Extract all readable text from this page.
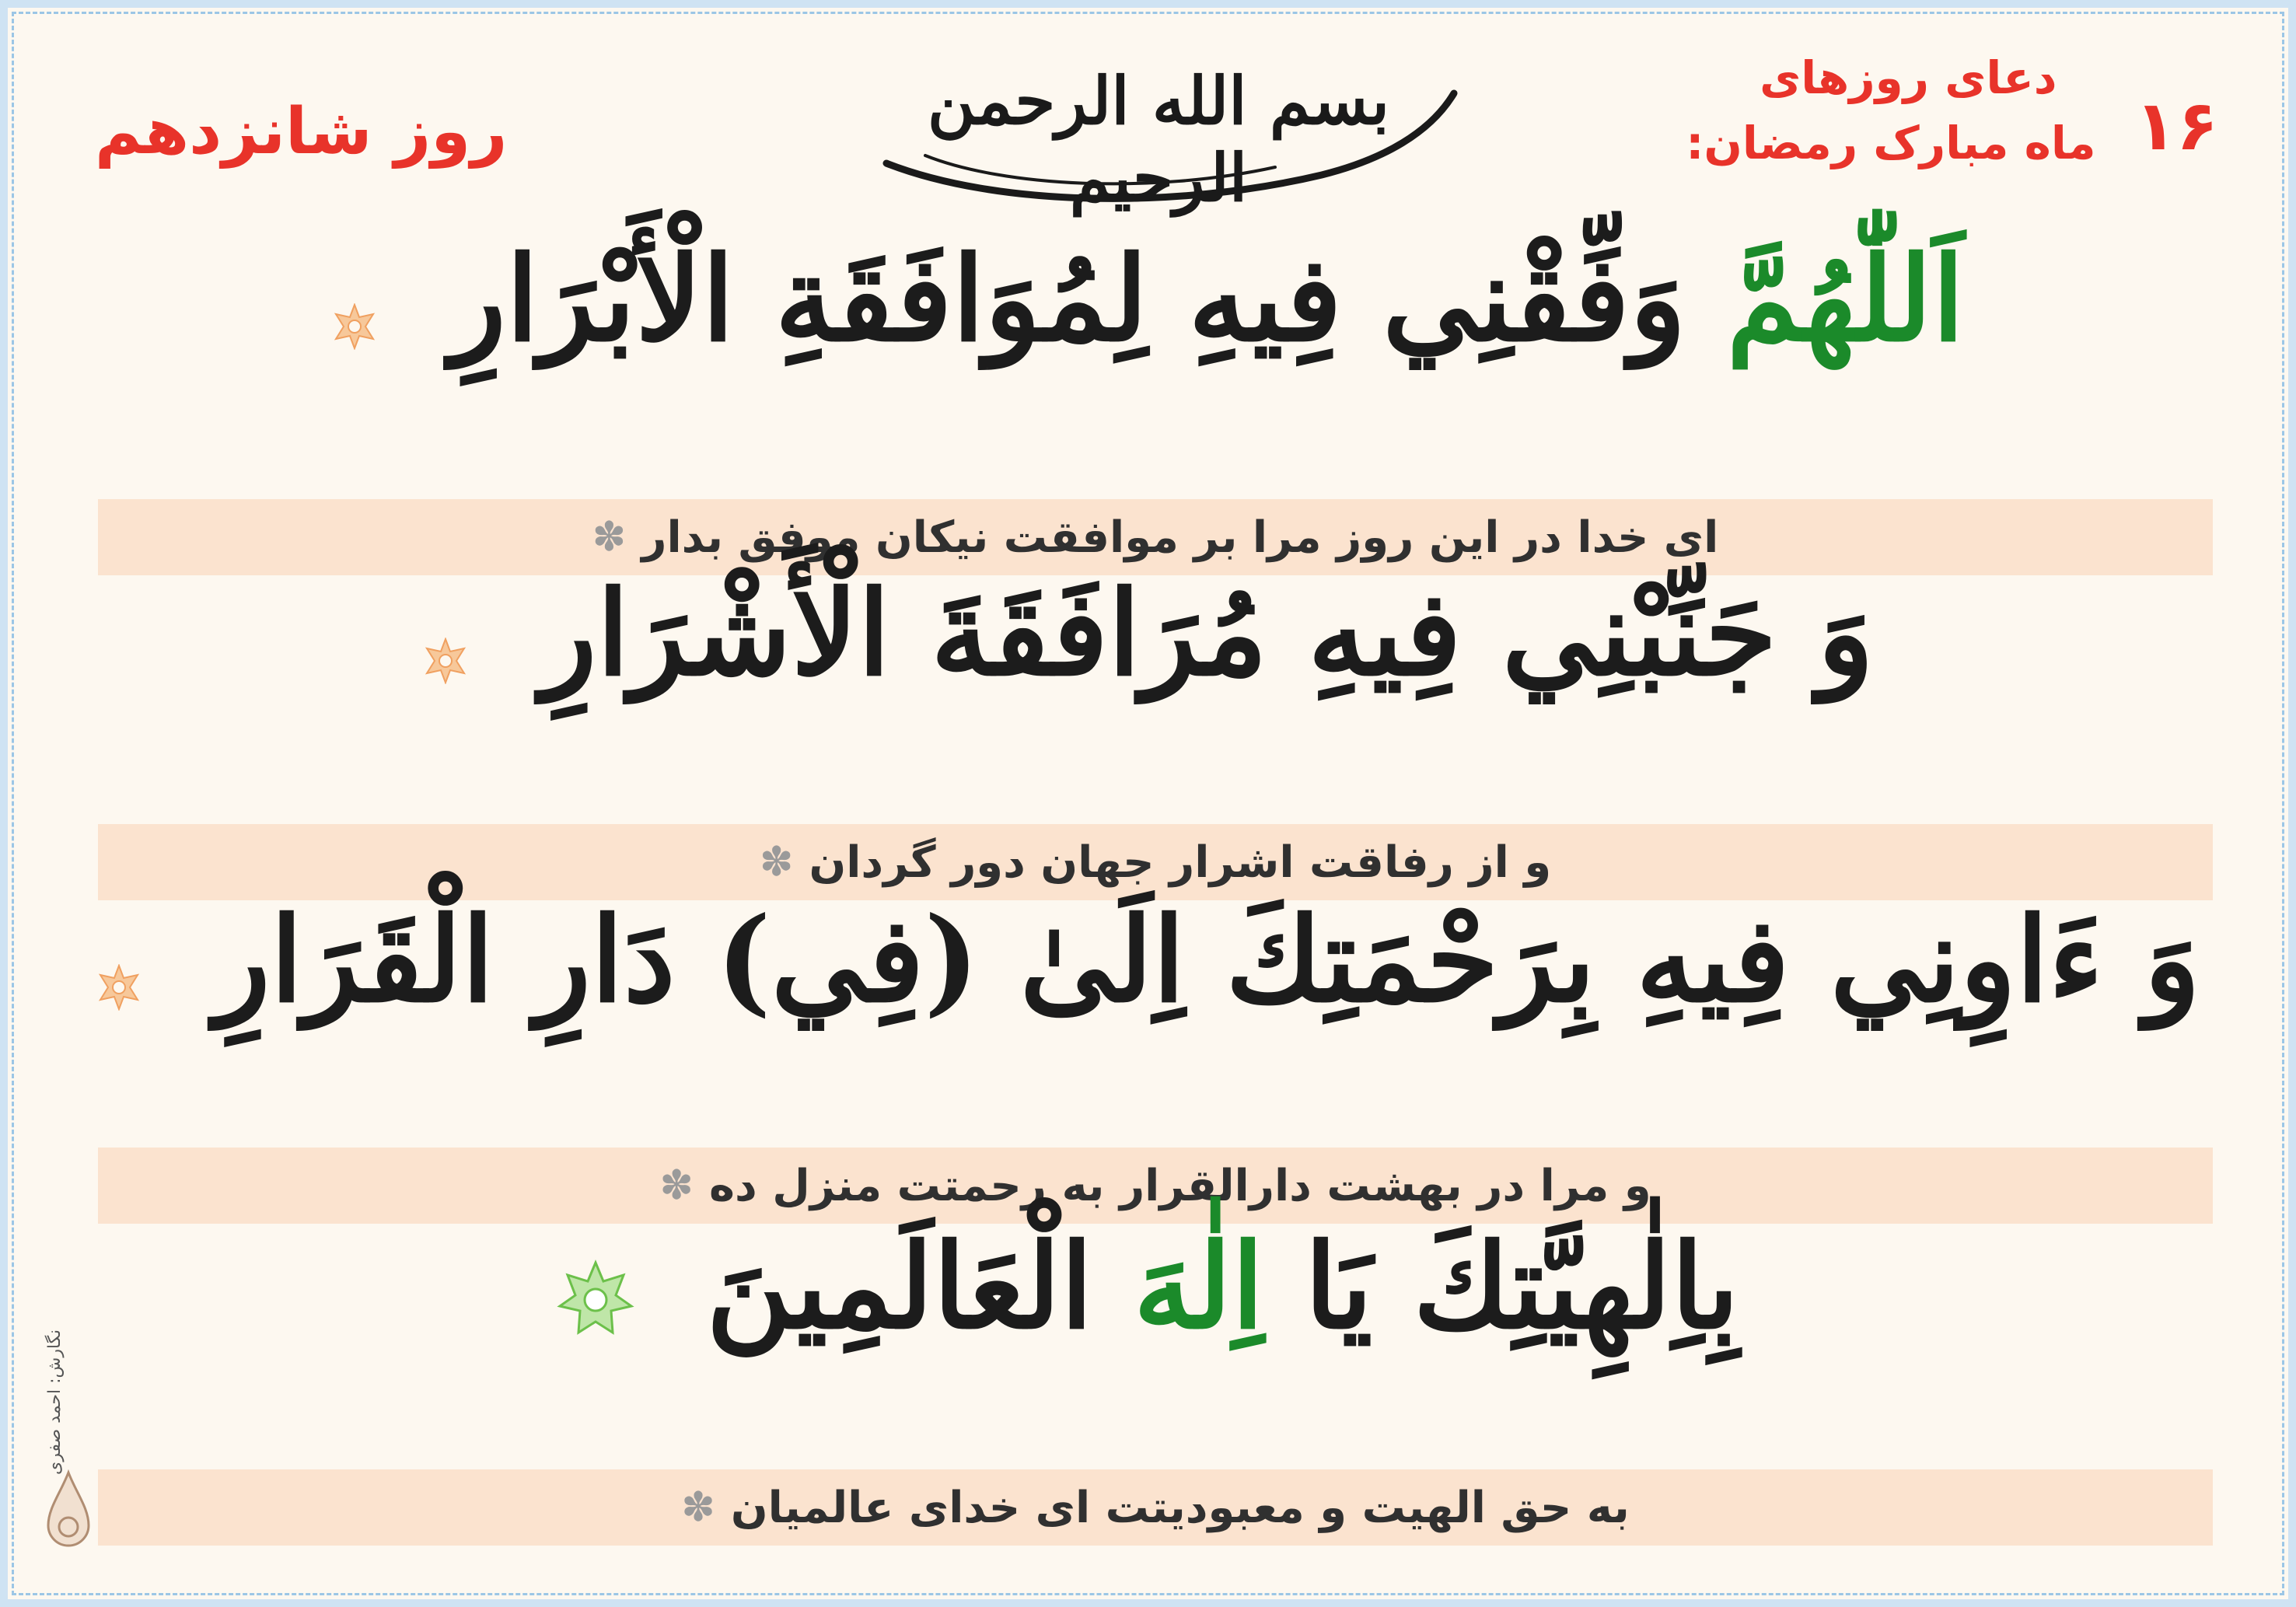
۱۶
دعای روزهای
ماه مبارک رمضان:
روز شانزدهم	بسم الله الرحمن الرحيم
اَللّٰهُمَّ وَفِّقْنِي فِيهِ لِمُوَافَقَةِ الْأَبْرَارِ
ای خدا در این روز مرا بر موافقت نیکان موفق بدار
✽
وَ جَنِّبْنِي فِيهِ مُرَافَقَةَ الْأَشْرَارِ
و از رفاقت اشرار جهان دور گردان
✽
وَ ءَاوِنِي فِيهِ بِرَحْمَتِكَ اِلَىٰ (فِي) دَارِ الْقَرَارِ
و مرا در بهشت دارالقرار به رحمتت منزل ده
✽
بِاِلٰهِيَّتِكَ يَا اِلٰهَ الْعَالَمِينَ
به حق الهیت و معبودیتت ای خدای عالمیان
✽
نگارش: احمد صفری
